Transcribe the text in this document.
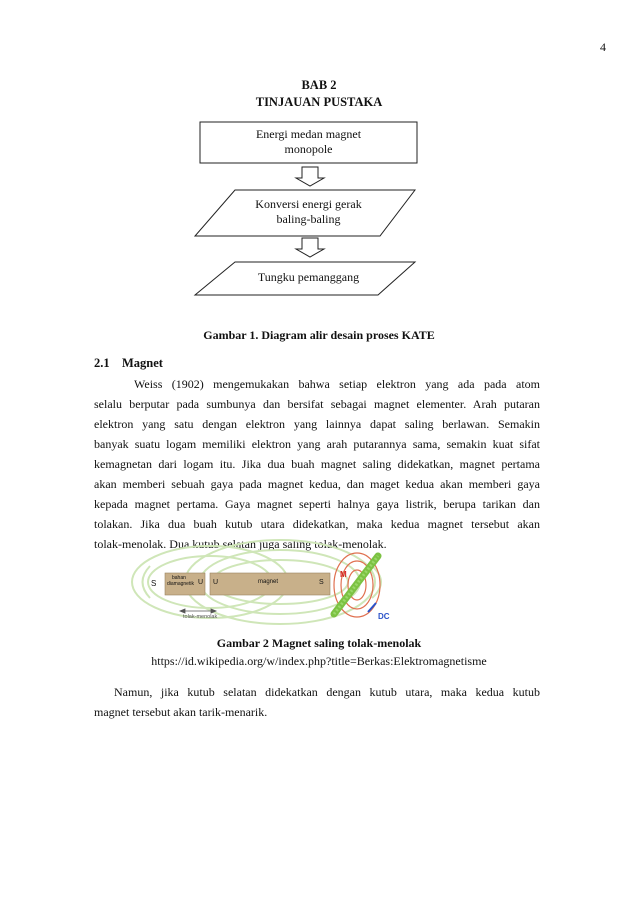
4
BAB 2
TINJAUAN PUSTAKA
Energi medan magnet
monopole
Konversi energi gerak
baling-baling
Tungku pemanggang
Gambar 1. Diagram alir desain proses KATE
2.1 Magnet
Weiss (1902) mengemukakan bahwa setiap elektron yang ada pada atom
selalu berputar pada sumbunya dan bersifat sebagai magnet elementer. Arah putaran
elektron yang satu dengan elektron yang lainnya dapat saling berlawan. Semakin
banyak suatu logam memiliki elektron yang arah putarannya sama, semakin kuat sifat
kemagnetan dari logam itu. Jika dua buah magnet saling didekatkan, magnet pertama
akan memberi sebuah gaya pada magnet kedua, dan maget kedua akan memberi gaya
kepada magnet pertama. Gaya magnet seperti halnya gaya listrik, berupa tarikan dan
tolakan. Jika dua buah kutub utara didekatkan, maka kedua magnet tersebut akan
tolak-menolak. Dua kutub selatan juga saling tolak-menolak.
S
bahan
diamagnetik U U	magnet	S
tolak-menolak
M
DC
Gambar 2 Magnet saling tolak-menolak
https://id.wikipedia.org/w/index.php?title=Berkas:Elektromagnetisme
Namun, jika kutub selatan didekatkan dengan kutub utara, maka kedua kutub
magnet tersebut akan tarik-menarik.
